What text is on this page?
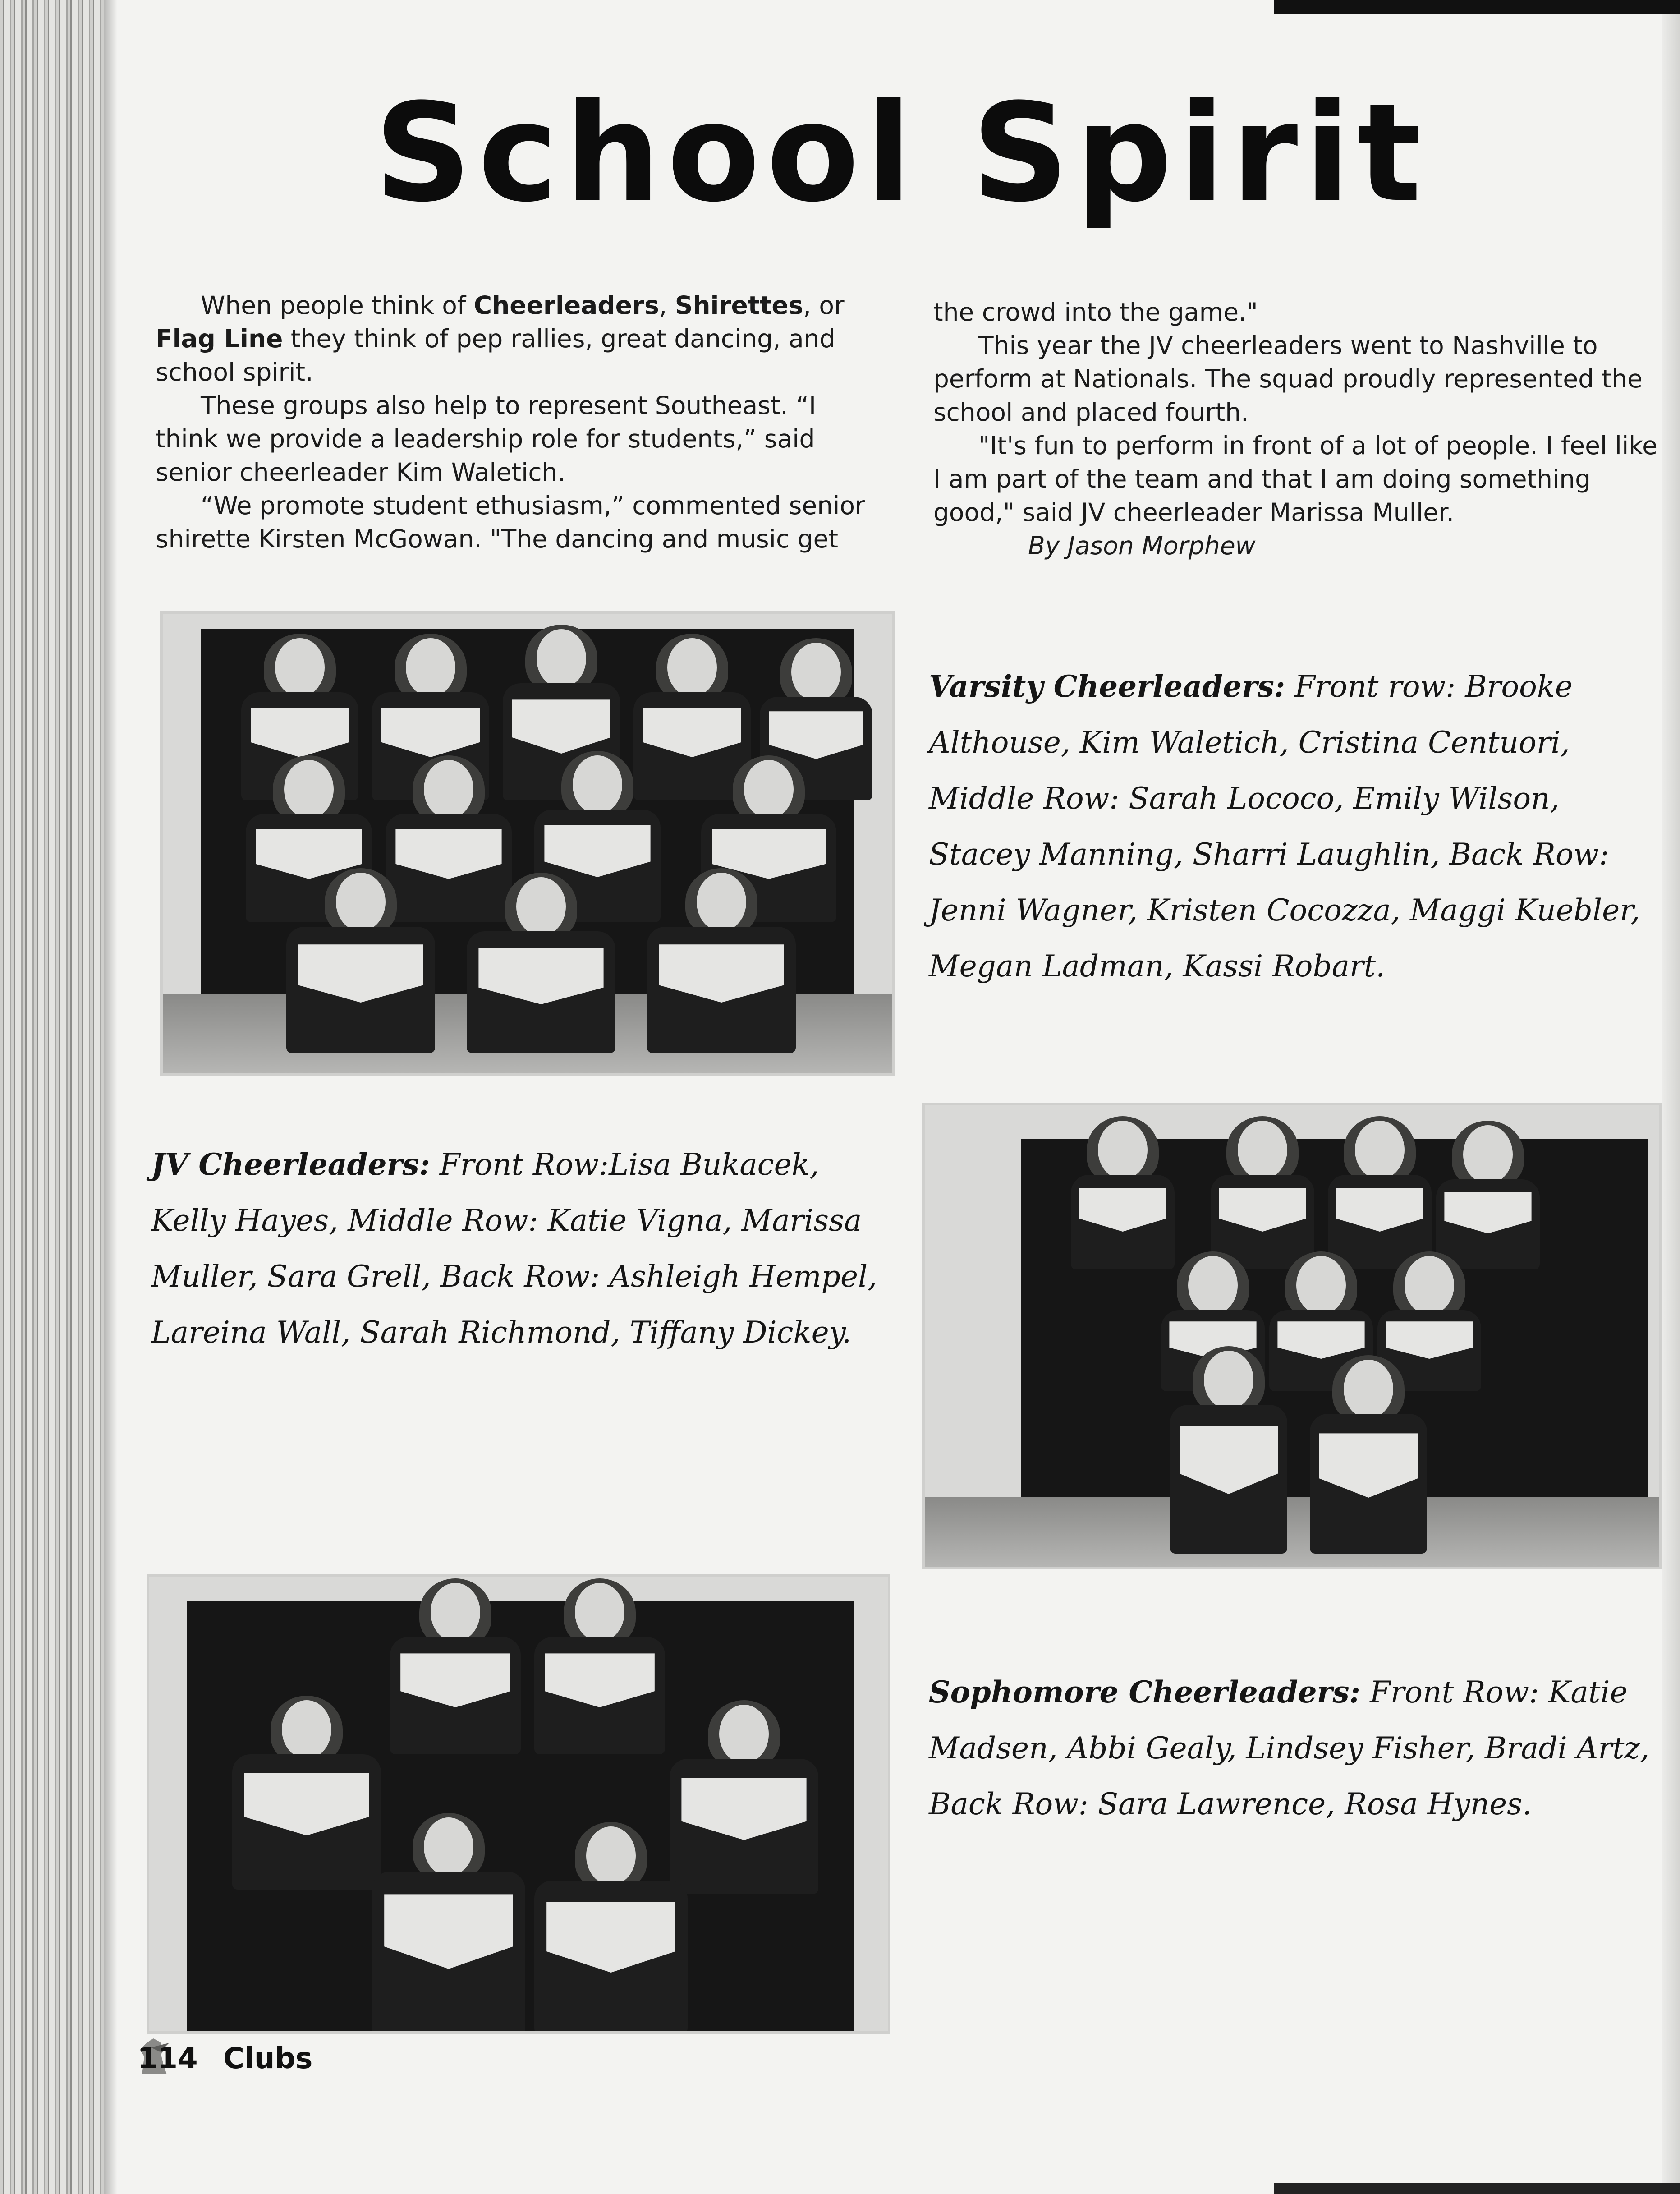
School Spirit

When people think of Cheerleaders, Shirettes, or Flag Line they think of pep rallies, great dancing, and school spirit.

These groups also help to represent Southeast. “I think we provide a leadership role for students,” said senior cheerleader Kim Waletich.

“We promote student ethusiasm,” commented senior shirette Kirsten McGowan. "The dancing and music get

the crowd into the game."

This year the JV cheerleaders went to Nashville to perform at Nationals. The squad proudly represented the school and placed fourth.

"It's fun to perform in front of a lot of people. I feel like I am part of the team and that I am doing something good," said JV cheerleader Marissa Muller.

By Jason Morphew

Varsity Cheerleaders: Front row: Brooke Althouse, Kim Waletich, Cristina Centuori, Middle Row: Sarah Lococo, Emily Wilson, Stacey Manning, Sharri Laughlin, Back Row: Jenni Wagner, Kristen Cocozza, Maggi Kuebler, Megan Ladman, Kassi Robart.
JV Cheerleaders: Front Row:Lisa Bukacek, Kelly Hayes, Middle Row: Katie Vigna, Marissa Muller, Sara Grell, Back Row: Ashleigh Hempel, Lareina Wall, Sarah Richmond, Tiffany Dickey.
Sophomore Cheerleaders: Front Row: Katie Madsen, Abbi Gealy, Lindsey Fisher, Bradi Artz, Back Row: Sara Lawrence, Rosa Hynes.
114 Clubs
